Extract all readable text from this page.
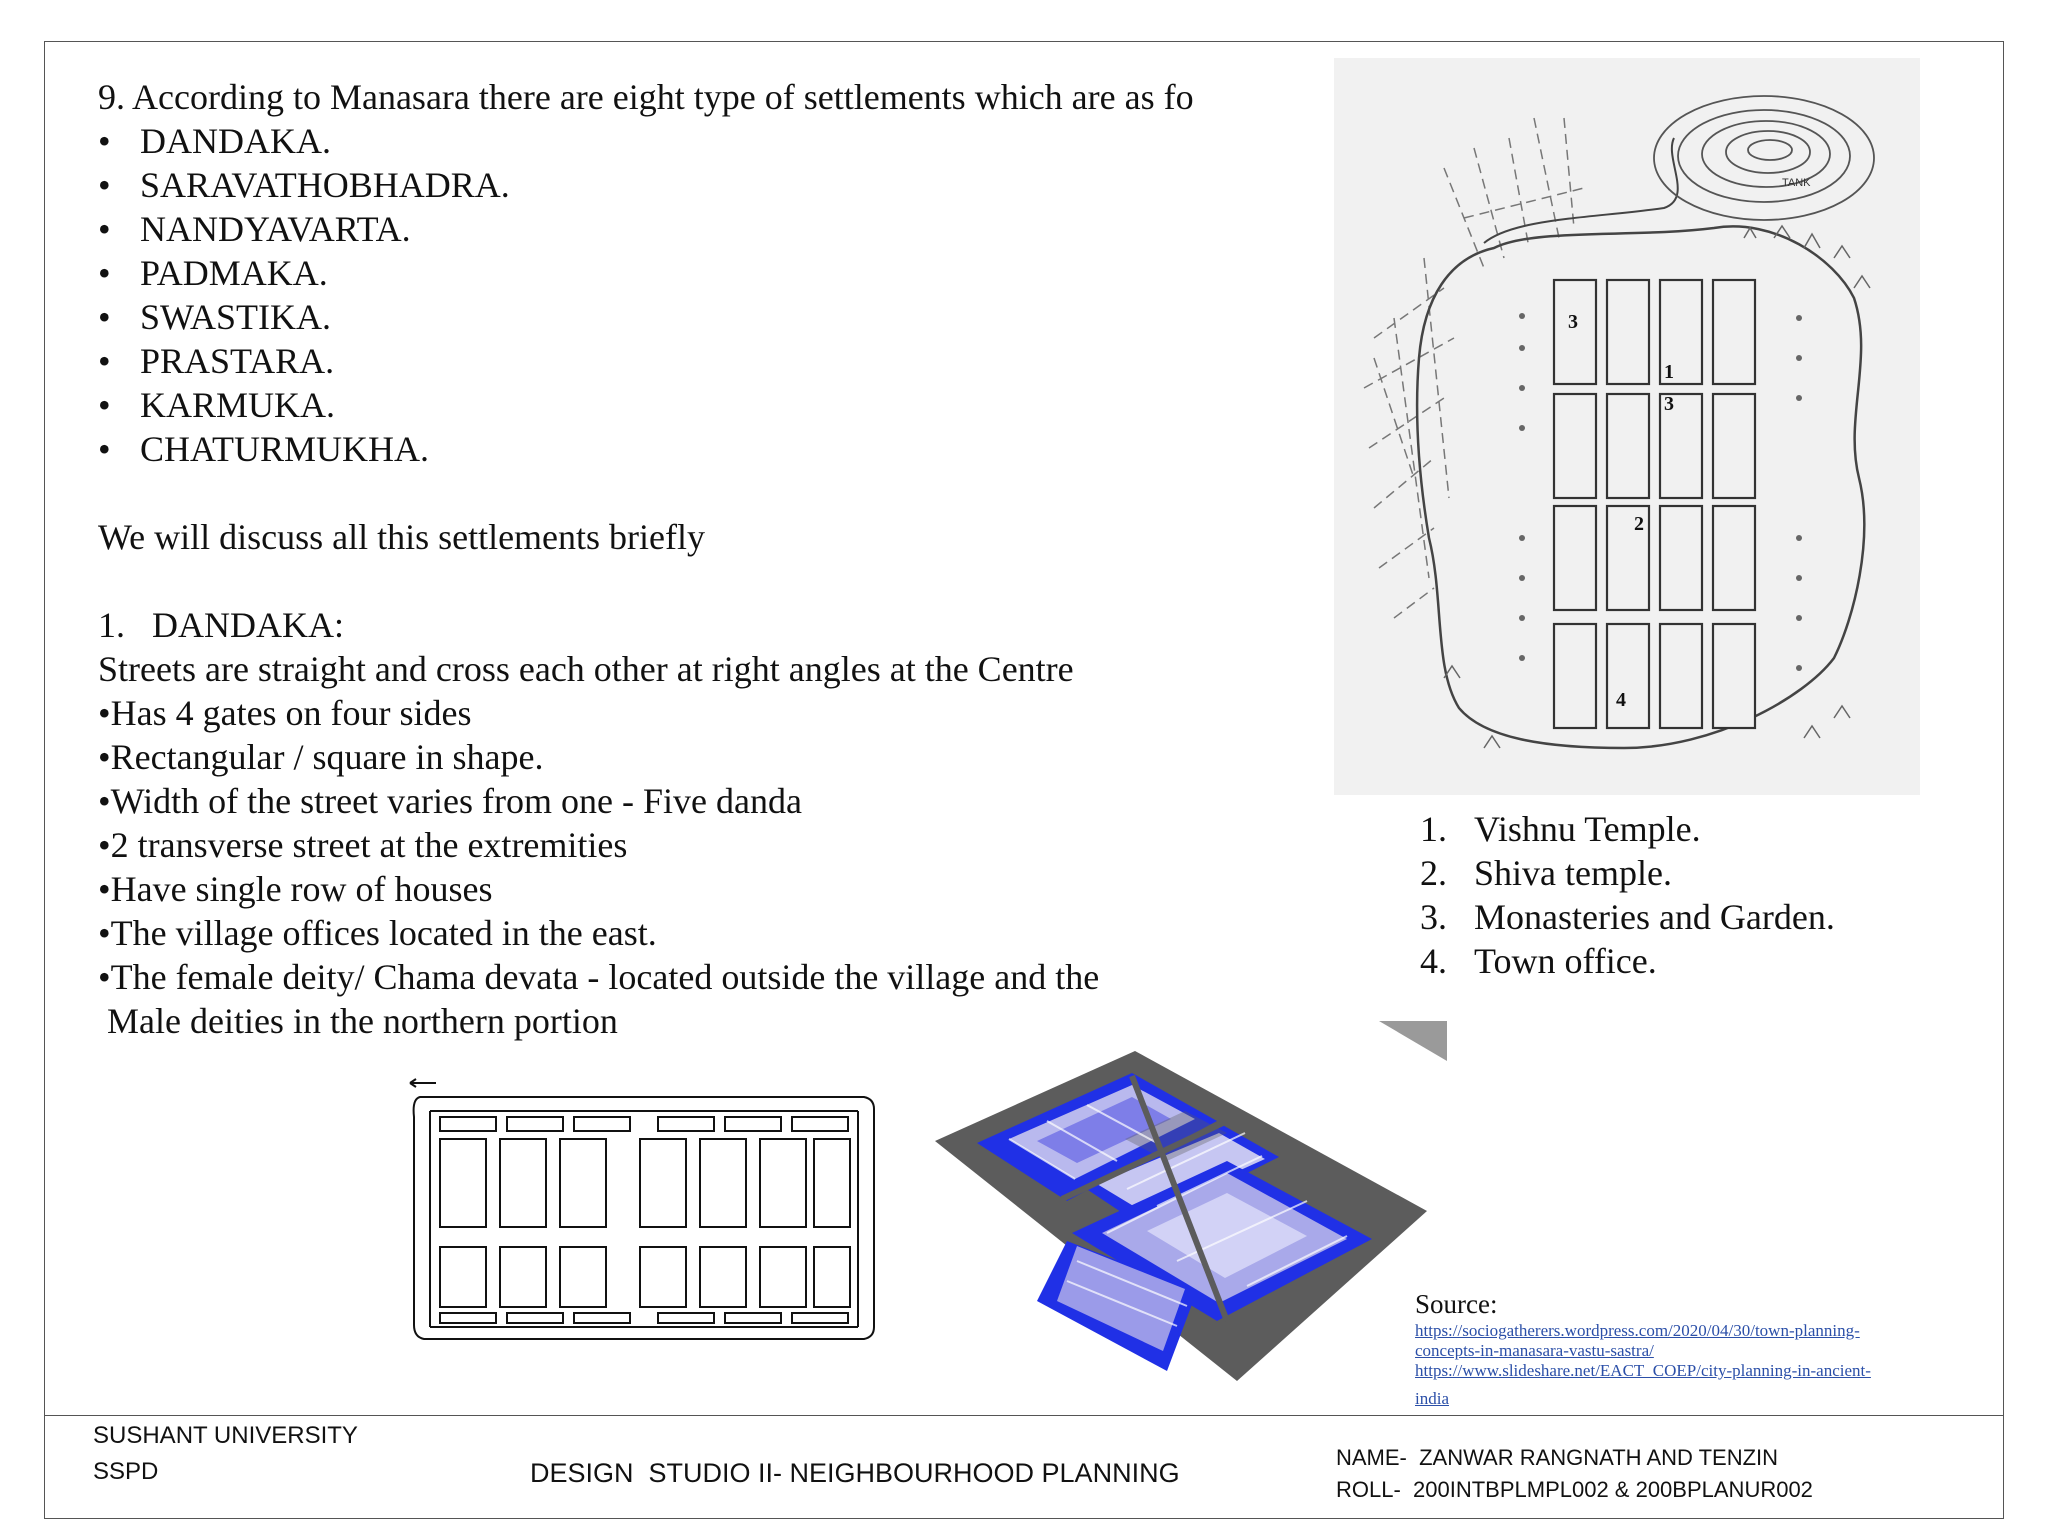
9. According to Manasara there are eight type of settlements which are as fo
• DANDAKA.
• SARAVATHOBHADRA.
• NANDYAVARTA.
• PADMAKA.
• SWASTIKA.
• PRASTARA.
• KARMUKA.
• CHATURMUKHA.
We will discuss all this settlements briefly
1.   DANDAKA:
Streets are straight and cross each other at right angles at the Centre
•Has 4 gates on four sides
•Rectangular / square in shape.
•Width of the street varies from one - Five danda
•2 transverse street at the extremities
•Have single row of houses
•The village offices located in the east.
•The female deity/ Chama devata - located outside the village and the
Male deities in the northern portion
TANK
3
1
3
2
4
1. Vishnu Temple.
2. Shiva temple.
3. Monasteries and Garden.
4. Town office.
Source:
https://sociogatherers.wordpress.com/2020/04/30/town-planning-
concepts-in-manasara-vastu-sastra/
https://www.slideshare.net/EACT_COEP/city-planning-in-ancient-
india
SUSHANT UNIVERSITY
SSPD	DESIGN  STUDIO II- NEIGHBOURHOOD PLANNING
NAME-  ZANWAR RANGNATH AND TENZIN
ROLL-  200INTBPLMPL002 & 200BPLANUR002
